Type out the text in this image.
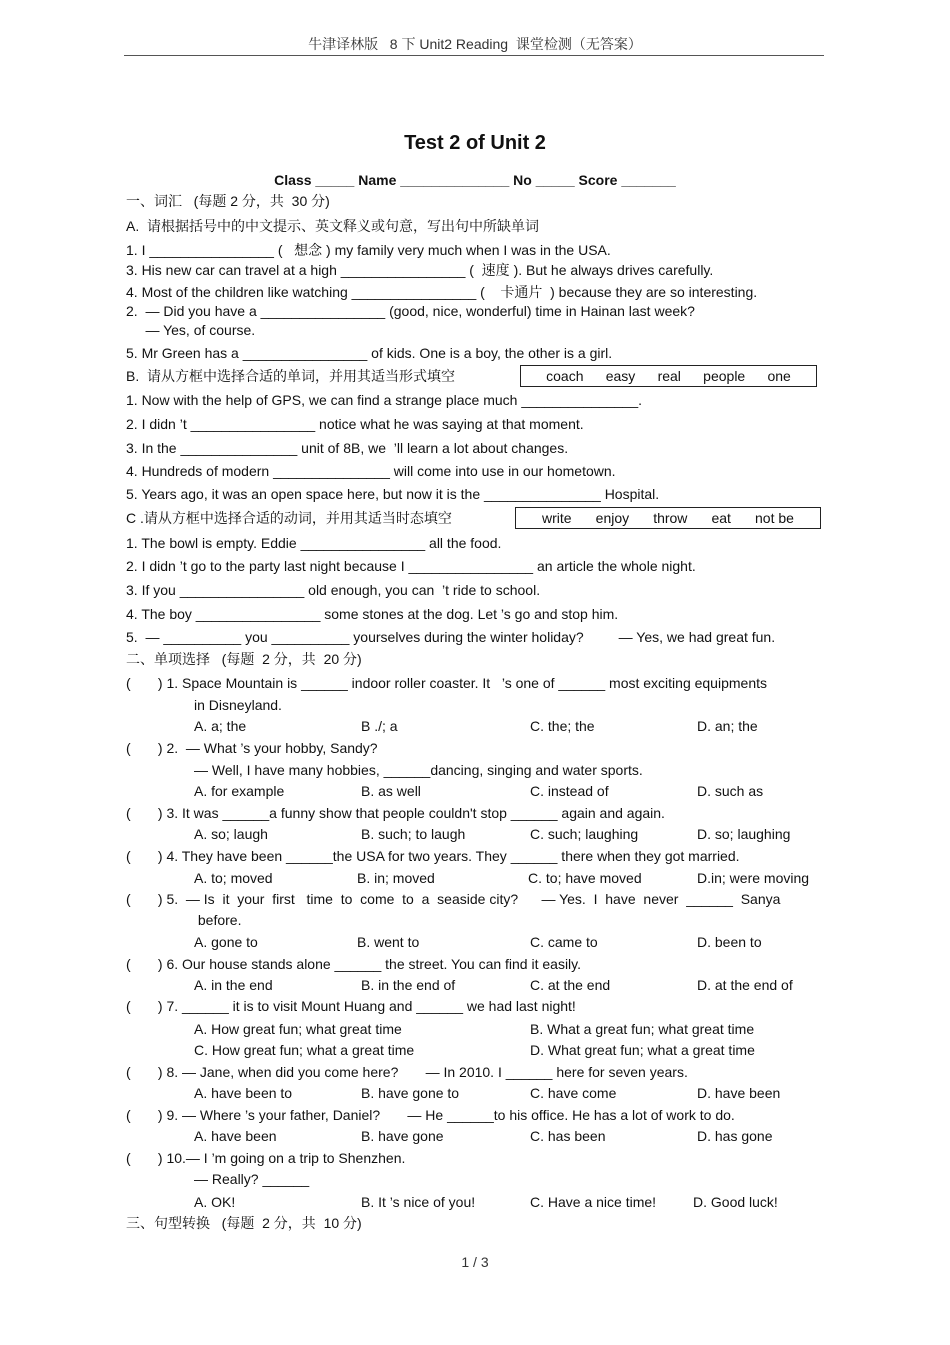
牛津译林版   8 下 Unit2 Reading  课堂检测（无答案）
Test 2 of Unit 2
Class _____ Name ______________ No _____ Score _______
一、词汇   (每题 2 分，共  30 分)
A.  请根据括号中的中文提示、英文释义或句意，写出句中所缺单词
1. I ________________ (   想念 ) my family very much when I was in the USA.
3. His new car can travel at a high ________________ (  速度 ). But he always drives carefully.
4. Most of the children like watching ________________ (    卡通片  ) because they are so interesting.
2.  — Did you have a ________________ (good, nice, wonderful) time in Hainan last week?
— Yes, of course.
5. Mr Green has a ________________ of kids. One is a boy, the other is a girl.
B.  请从方框中选择合适的单词，并用其适当形式填空	coach easy real people one
1. Now with the help of GPS, we can find a strange place much _______________.
2. I didn ’t ________________ notice what he was saying at that moment.
3. In the _______________ unit of 8B, we  ’ll learn a lot about changes.
4. Hundreds of modern _______________ will come into use in our hometown.
5. Years ago, it was an open space here, but now it is the _______________ Hospital.
C .请从方框中选择合适的动词，并用其适当时态填空	write enjoy throw eat not be
1. The bowl is empty. Eddie ________________ all the food.
2. I didn ’t go to the party last night because I ________________ an article the whole night.
3. If you ________________ old enough, you can  ’t ride to school.
4. The boy ________________ some stones at the dog. Let ’s go and stop him.
5.  — __________ you __________ yourselves during the winter holiday?         — Yes, we had great fun.
二、单项选择   (每题  2 分，共  20 分)
(       ) 1. Space Mountain is ______ indoor roller coaster. It   ’s one of ______ most exciting equipments
in Disneyland.
A. a; the	B ./; a	C. the; the	D. an; the
(       ) 2.  — What ’s your hobby, Sandy?
— Well, I have many hobbies, ______dancing, singing and water sports.
A. for example	B. as well	C. instead of	D. such as
(       ) 3. It was ______a funny show that people couldn't stop ______ again and again.
A. so; laugh	B. such; to laugh	C. such; laughing	D. so; laughing
(       ) 4. They have been ______the USA for two years. They ______ there when they got married.
A. to; moved	B. in; moved	C. to; have moved	D.in; were moving
(       ) 5.  — Is  it  your  first   time  to  come  to  a  seaside city?      — Yes.  I  have  never  ______  Sanya
before.
A. gone to	B. went to	C. came to	D. been to
(       ) 6. Our house stands alone ______ the street. You can find it easily.
A. in the end	B. in the end of	C. at the end	D. at the end of
(       ) 7. ______ it is to visit Mount Huang and ______ we had last night!
A. How great fun; what great time	B. What a great fun; what great time
C. How great fun; what a great time	D. What great fun; what a great time
(       ) 8. — Jane, when did you come here?       — In 2010. I ______ here for seven years.
A. have been to	B. have gone to	C. have come	D. have been
(       ) 9. — Where ’s your father, Daniel?       — He ______to his office. He has a lot of work to do.
A. have been	B. have gone	C. has been	D. has gone
(       ) 10.— I ’m going on a trip to Shenzhen.
— Really? ______
A. OK!	B. It ’s nice of you!	C. Have a nice time!	D. Good luck!
三、句型转换   (每题  2 分，共  10 分)
1 / 3
